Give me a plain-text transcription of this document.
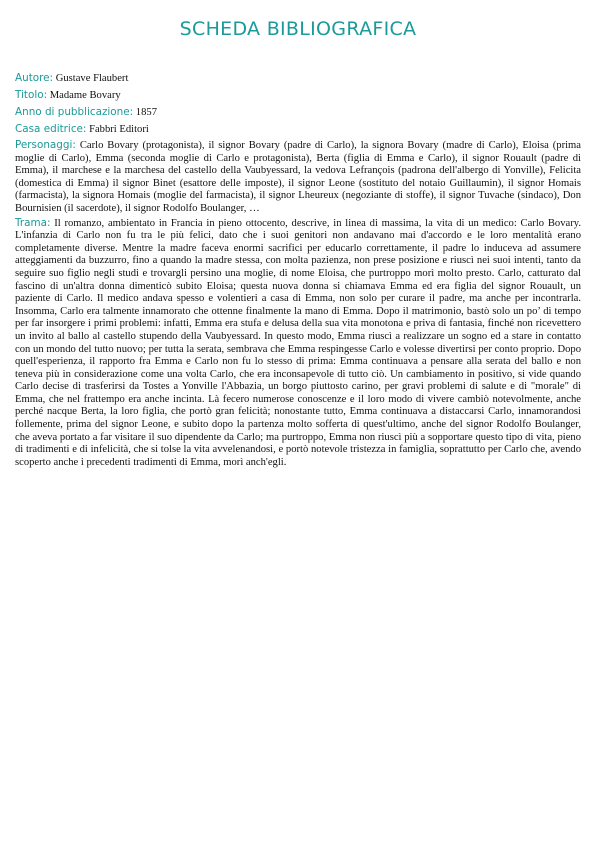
SCHEDA BIBLIOGRAFICA

Autore: Gustave Flaubert

Titolo: Madame Bovary

Anno di pubblicazione: 1857

Casa editrice: Fabbri Editori

Personaggi: Carlo Bovary (protagonista), il signor Bovary (padre di Carlo), la signora Bovary (madre di Carlo), Eloisa (prima moglie di Carlo), Emma (seconda moglie di Carlo e protagonista), Berta (figlia di Emma e Carlo), il signor Rouault (padre di Emma), il marchese e la marchesa del castello della Vaubyessard, la vedova Lefrançois (padrona dell'albergo di Yonville), Felicita (domestica di Emma) il signor Binet (esattore delle imposte), il signor Leone (sostituto del notaio Guillaumin), il signor Homais (farmacista), la signora Homais (moglie del farmacista), il signor Lheureux (negoziante di stoffe), il signor Tuvache (sindaco), Don Bournisien (il sacerdote), il signor Rodolfo Boulanger, …

Trama: Il romanzo, ambientato in Francia in pieno ottocento, descrive, in linea di massima, la vita di un medico: Carlo Bovary. L'infanzia di Carlo non fu tra le più felici, dato che i suoi genitori non andavano mai d'accordo e le loro mentalità erano completamente diverse. Mentre la madre faceva enormi sacrifici per educarlo correttamente, il padre lo induceva ad assumere atteggiamenti da buzzurro, fino a quando la madre stessa, con molta pazienza, non prese posizione e riuscì nei suoi intenti, tanto da seguire suo figlio negli studi e trovargli persino una moglie, di nome Eloisa, che purtroppo morì molto presto. Carlo, catturato dal fascino di un'altra donna dimenticò subito Eloisa; questa nuova donna si chiamava Emma ed era figlia del signor Rouault, un paziente di Carlo. Il medico andava spesso e volentieri a casa di Emma, non solo per curare il padre, ma anche per incontrarla. Insomma, Carlo era talmente innamorato che ottenne finalmente la mano di Emma. Dopo il matrimonio, bastò solo un po’ di tempo per far insorgere i primi problemi: infatti, Emma era stufa e delusa della sua vita monotona e priva di fantasia, finché non ricevettero un invito al ballo al castello stupendo della Vaubyessard. In questo modo, Emma riuscì a realizzare un sogno ed a stare in contatto con un mondo del tutto nuovo; per tutta la serata, sembrava che Emma respingesse Carlo e volesse divertirsi per conto proprio. Dopo quell'esperienza, il rapporto fra Emma e Carlo non fu lo stesso di prima: Emma continuava a pensare alla serata del ballo e non teneva più in considerazione come una volta Carlo, che era inconsapevole di tutto ciò. Un cambiamento in positivo, si vide quando Carlo decise di trasferirsi da Tostes a Yonville l'Abbazia, un borgo piuttosto carino, per gravi problemi di salute e di "morale" di Emma, che nel frattempo era anche incinta. Là fecero numerose conoscenze e il loro modo di vivere cambiò notevolmente, anche perché nacque Berta, la loro figlia, che portò gran felicità; nonostante tutto, Emma continuava a distaccarsi Carlo, innamorandosi follemente, prima del signor Leone, e subito dopo la partenza molto sofferta di quest'ultimo, anche del signor Rodolfo Boulanger, che aveva portato a far visitare il suo dipendente da Carlo; ma purtroppo, Emma non riuscì più a sopportare questo tipo di vita, pieno di tradimenti e di infelicità, che si tolse la vita avvelenandosi, e portò notevole tristezza in famiglia, soprattutto per Carlo che, avendo scoperto anche i precedenti tradimenti di Emma, morì anch'egli.
